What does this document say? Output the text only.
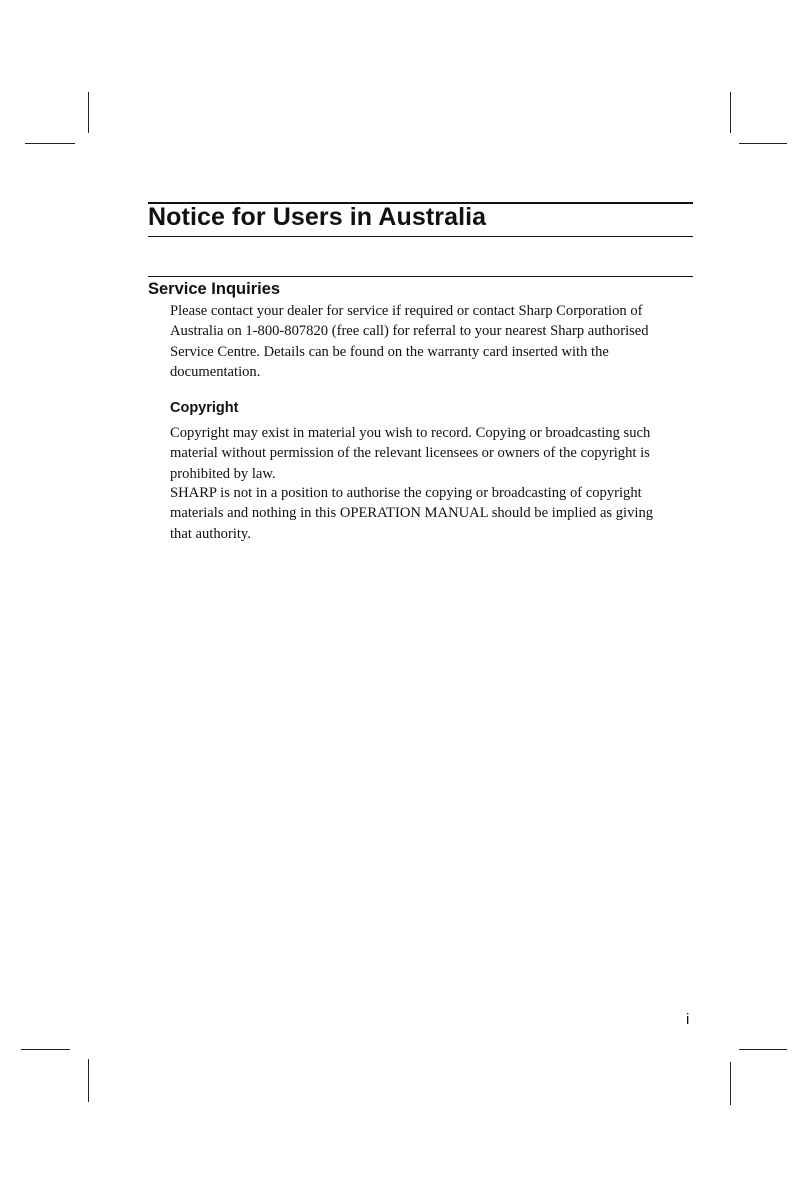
Notice for Users in Australia
Service Inquiries

Please contact your dealer for service if required or contact Sharp Corporation of
Australia on 1-800-807820 (free call) for referral to your nearest Sharp authorised
Service Centre. Details can be found on the warranty card inserted with the
documentation.

Copyright

Copyright may exist in material you wish to record. Copying or broadcasting such
material without permission of the relevant licensees or owners of the copyright is
prohibited by law.

SHARP is not in a position to authorise the copying or broadcasting of copyright
materials and nothing in this OPERATION MANUAL should be implied as giving
that authority.

i
